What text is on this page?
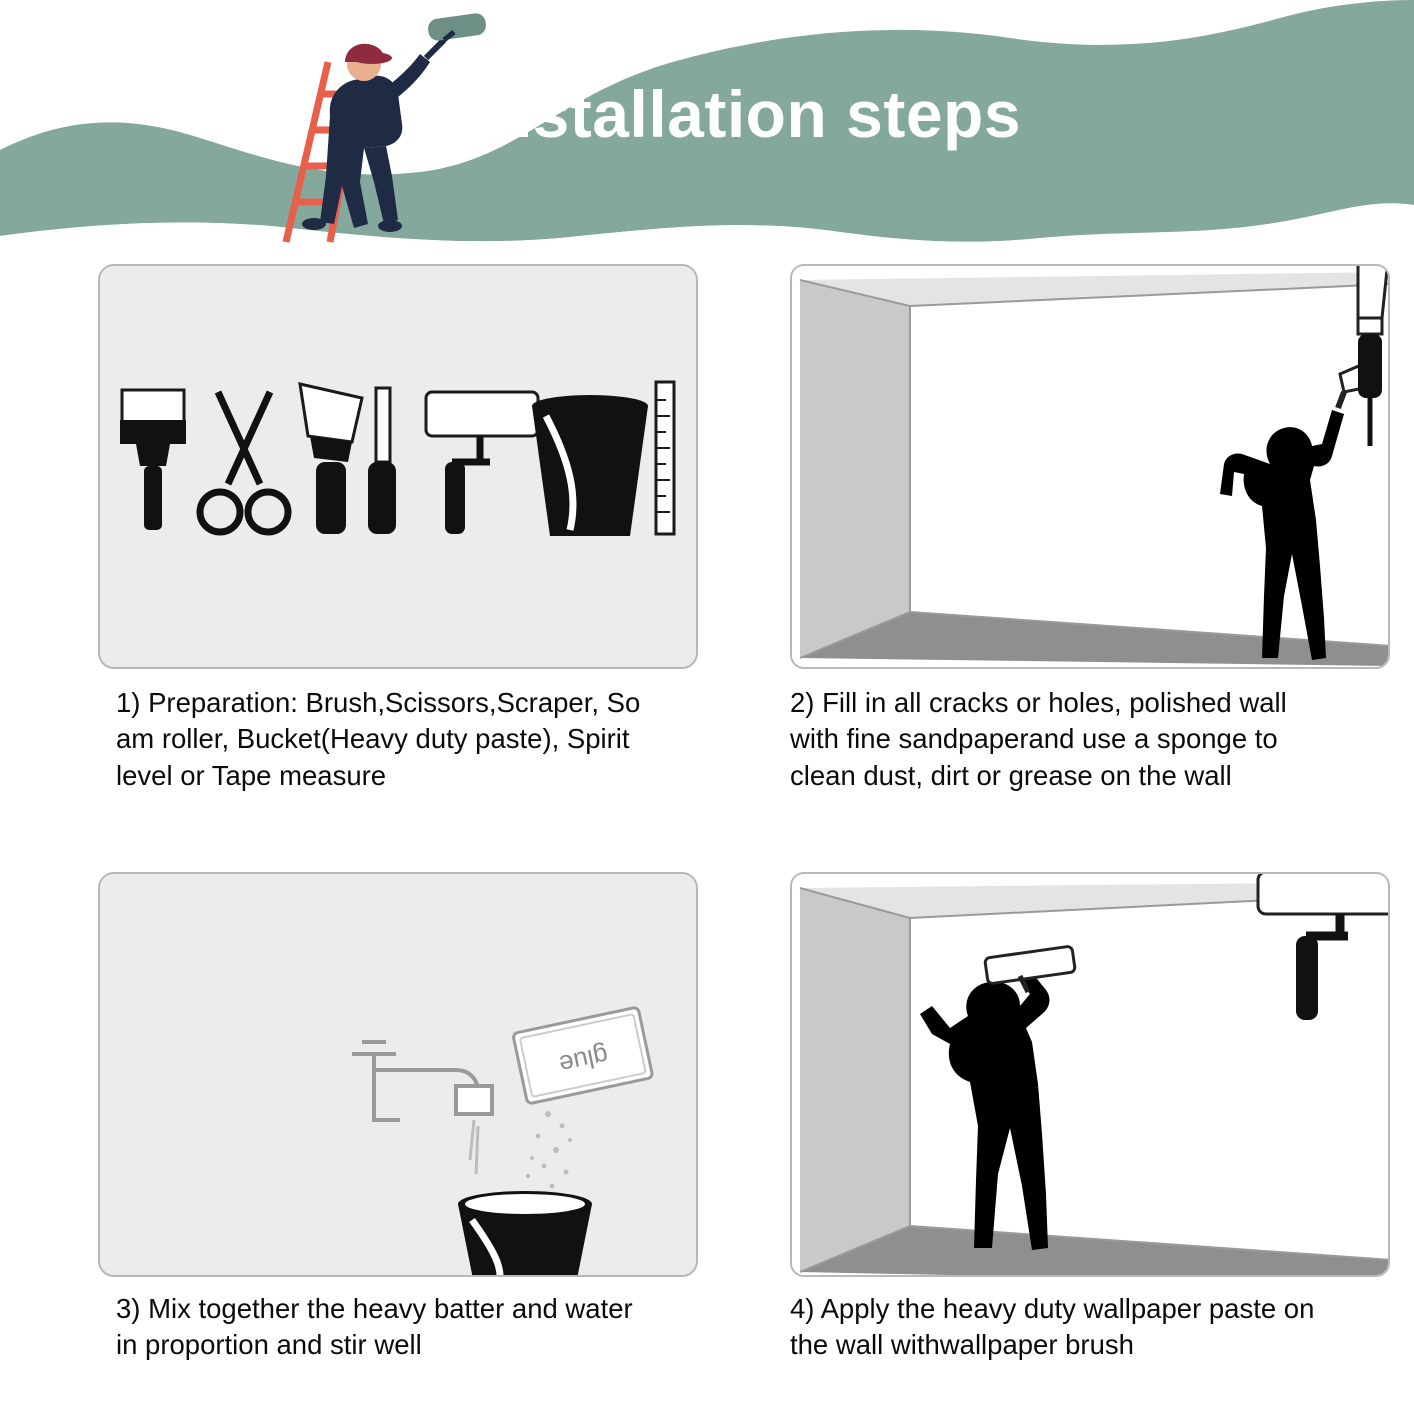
Installation steps
1) Preparation: Brush,Scissors,Scraper, So
am roller, Bucket(Heavy duty paste), Spirit
level or Tape measure
2) Fill in all cracks or holes, polished wall
with fine sandpaperand use a sponge to
clean dust, dirt or grease on the wall
glue
3) Mix together the heavy batter and water
in proportion and stir well
4) Apply the heavy duty wallpaper paste on
the wall withwallpaper brush
